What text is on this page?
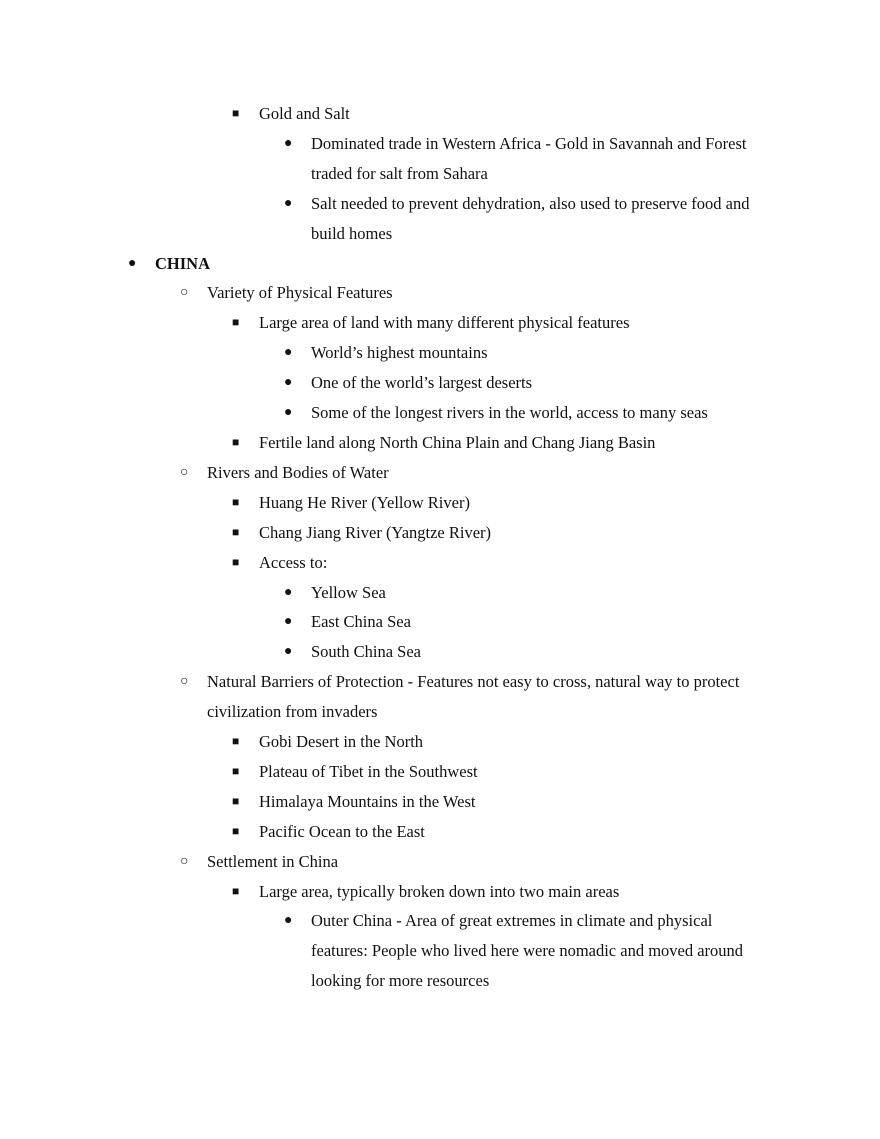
■ Gold and Salt
● Dominated trade in Western Africa - Gold in Savannah and Forest
traded for salt from Sahara
● Salt needed to prevent dehydration, also used to preserve food and
build homes
● CHINA
○ Variety of Physical Features
■ Large area of land with many different physical features
● World’s highest mountains
● One of the world’s largest deserts
● Some of the longest rivers in the world, access to many seas
■ Fertile land along North China Plain and Chang Jiang Basin
○ Rivers and Bodies of Water
■ Huang He River (Yellow River)
■ Chang Jiang River (Yangtze River)
■ Access to:
● Yellow Sea
● East China Sea
● South China Sea
○ Natural Barriers of Protection - Features not easy to cross, natural way to protect
civilization from invaders
■ Gobi Desert in the North
■ Plateau of Tibet in the Southwest
■ Himalaya Mountains in the West
■ Pacific Ocean to the East
○ Settlement in China
■ Large area, typically broken down into two main areas
● Outer China - Area of great extremes in climate and physical
features: People who lived here were nomadic and moved around
looking for more resources
